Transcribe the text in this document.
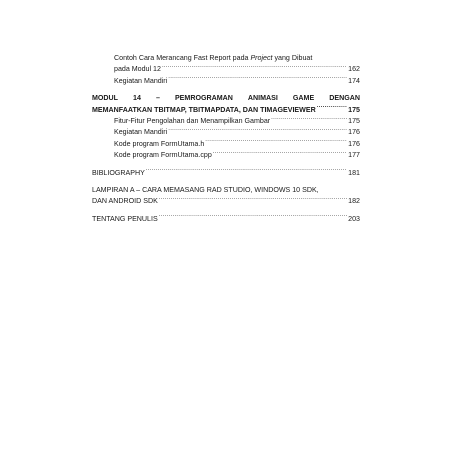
Contoh Cara Merancang Fast Report pada Project yang Dibuat
pada Modul 12 .....	162
Kegiatan Mandiri .....	174
MODUL 14 – PEMROGRAMAN ANIMASI GAME DENGAN
MEMANFAATKAN TBITMAP, TBITMAPDATA, DAN TIMAGEVIEWER .....	175
Fitur-Fitur Pengolahan dan Menampilkan Gambar .....	175
Kegiatan Mandiri .....	176
Kode program FormUtama.h .....	176
Kode program FormUtama.cpp .....	177
BIBLIOGRAPHY .....	181
LAMPIRAN A – CARA MEMASANG RAD STUDIO, WINDOWS 10 SDK,
DAN ANDROID SDK .....	182
TENTANG PENULIS .....	203
